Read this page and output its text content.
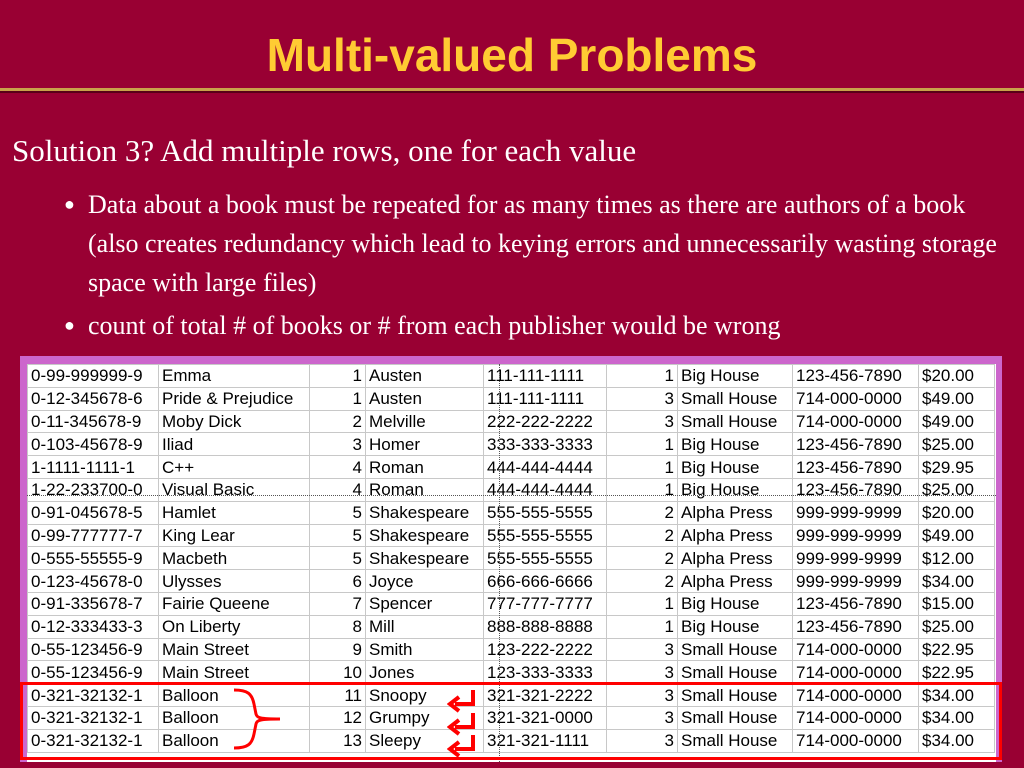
Multi-valued Problems
Solution 3? Add multiple rows, one for each value
● Data about a book must be repeated for as many times as there are authors of a book (also creates redundancy which lead to keying errors and unnecessarily wasting storage space with large files)
● count of total # of books or # from each publisher would be wrong
0-99-999999-9	Emma	1	Austen	111-111-1111	1	Big House	123-456-7890	$20.00
0-12-345678-6	Pride & Prejudice	1	Austen	111-111-1111	3	Small House	714-000-0000	$49.00
0-11-345678-9	Moby Dick	2	Melville	222-222-2222	3	Small House	714-000-0000	$49.00
0-103-45678-9	Iliad	3	Homer	333-333-3333	1	Big House	123-456-7890	$25.00
1-1111-1111-1	C++	4	Roman	444-444-4444	1	Big House	123-456-7890	$29.95
1-22-233700-0	Visual Basic	4	Roman	444-444-4444	1	Big House	123-456-7890	$25.00
0-91-045678-5	Hamlet	5	Shakespeare	555-555-5555	2	Alpha Press	999-999-9999	$20.00
0-99-777777-7	King Lear	5	Shakespeare	555-555-5555	2	Alpha Press	999-999-9999	$49.00
0-555-55555-9	Macbeth	5	Shakespeare	555-555-5555	2	Alpha Press	999-999-9999	$12.00
0-123-45678-0	Ulysses	6	Joyce	666-666-6666	2	Alpha Press	999-999-9999	$34.00
0-91-335678-7	Fairie Queene	7	Spencer	777-777-7777	1	Big House	123-456-7890	$15.00
0-12-333433-3	On Liberty	8	Mill	888-888-8888	1	Big House	123-456-7890	$25.00
0-55-123456-9	Main Street	9	Smith	123-222-2222	3	Small House	714-000-0000	$22.95
0-55-123456-9	Main Street	10	Jones	123-333-3333	3	Small House	714-000-0000	$22.95
0-321-32132-1	Balloon	11	Snoopy	321-321-2222	3	Small House	714-000-0000	$34.00
0-321-32132-1	Balloon	12	Grumpy	321-321-0000	3	Small House	714-000-0000	$34.00
0-321-32132-1	Balloon	13	Sleepy	321-321-1111	3	Small House	714-000-0000	$34.00
